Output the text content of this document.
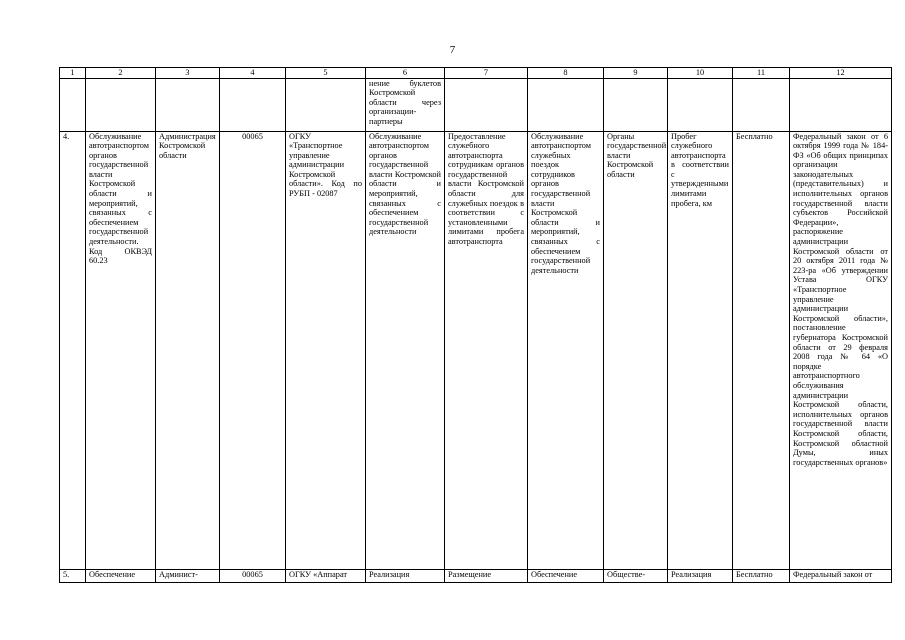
7
1	2	3	4	5	6	7	8	9	10	11	12
					нение буклетов Костромской области через организации-партнеры						
4.	Обслуживание автотранспортом органов государственной власти Костромской области и мероприятий, связанных с обеспечением государственной деятельности. Код ОКВЭД 60.23	Администрация Костромской области	00065	ОГКУ «Транспортное управление администрации Костромской области». Код по РУБП - 02087	Обслуживание автотранспортом органов государственной власти Костромской области и мероприятий, связанных с обеспечением государственной деятельности	Предоставление служебного автотранспорта сотрудникам органов государственной власти Костромской области для служебных поездок в соответствии с установленными лимитами пробега автотранспорта	Обслуживание автотранспортом служебных поездок сотрудников органов государственной власти Костромской области и мероприятий, связанных с обеспечением государственной деятельности	Органы государственной власти Костромской области	Пробег служебного автотранспорта в соответствии с утвержденными лимитами пробега, км	Бесплатно	Федеральный закон от 6 октября 1999 года № 184-ФЗ «Об общих принципах организации законодательных (представительных) и исполнительных органов государственной власти субъектов Российской Федерации», распоряжение администрации Костромской области от 20 октября 2011 года № 223-ра «Об утверждении Устава ОГКУ «Транспортное управление администрации Костромской области», постановление губернатора Костромской области от 29 февраля 2008 года № 64 «О порядке автотранспортного обслуживания администрации Костромской области, исполнительных органов государственной власти Костромской области, Костромской областной Думы, иных государственных органов»
5.	Обеспечение	Админист-	00065	ОГКУ «Аппарат	Реализация	Размещение	Обеспечение	Обществе-	Реализация	Бесплатно	Федеральный закон от
